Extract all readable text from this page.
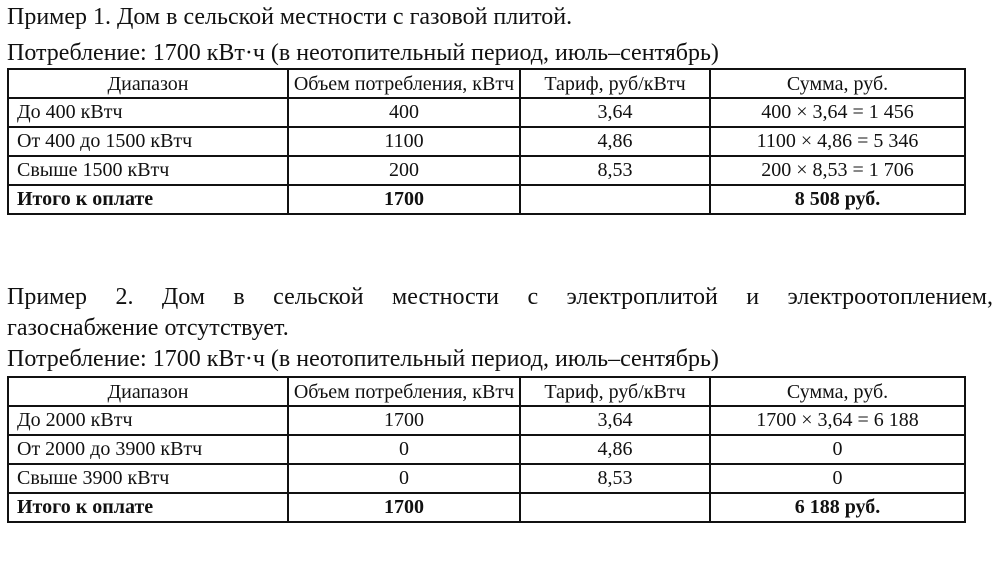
Пример 1. Дом в сельской местности с газовой плитой.
Потребление: 1700 кВт·ч (в неотопительный период, июль–сентябрь)
Диапазон	Объем потребления, кВтч	Тариф, руб/кВтч	Сумма, руб.
До 400 кВтч	400	3,64	400 × 3,64 = 1 456
От 400 до 1500 кВтч	1100	4,86	1100 × 4,86 = 5 346
Свыше 1500 кВтч	200	8,53	200 × 8,53 = 1 706
Итого к оплате	1700		8 508 руб.
Пример 2. Дом в сельской местности с электроплитой и электроотоплением,
газоснабжение отсутствует.
Потребление: 1700 кВт·ч (в неотопительный период, июль–сентябрь)
Диапазон	Объем потребления, кВтч	Тариф, руб/кВтч	Сумма, руб.
До 2000 кВтч	1700	3,64	1700 × 3,64 = 6 188
От 2000 до 3900 кВтч	0	4,86	0
Свыше 3900 кВтч	0	8,53	0
Итого к оплате	1700		6 188 руб.
